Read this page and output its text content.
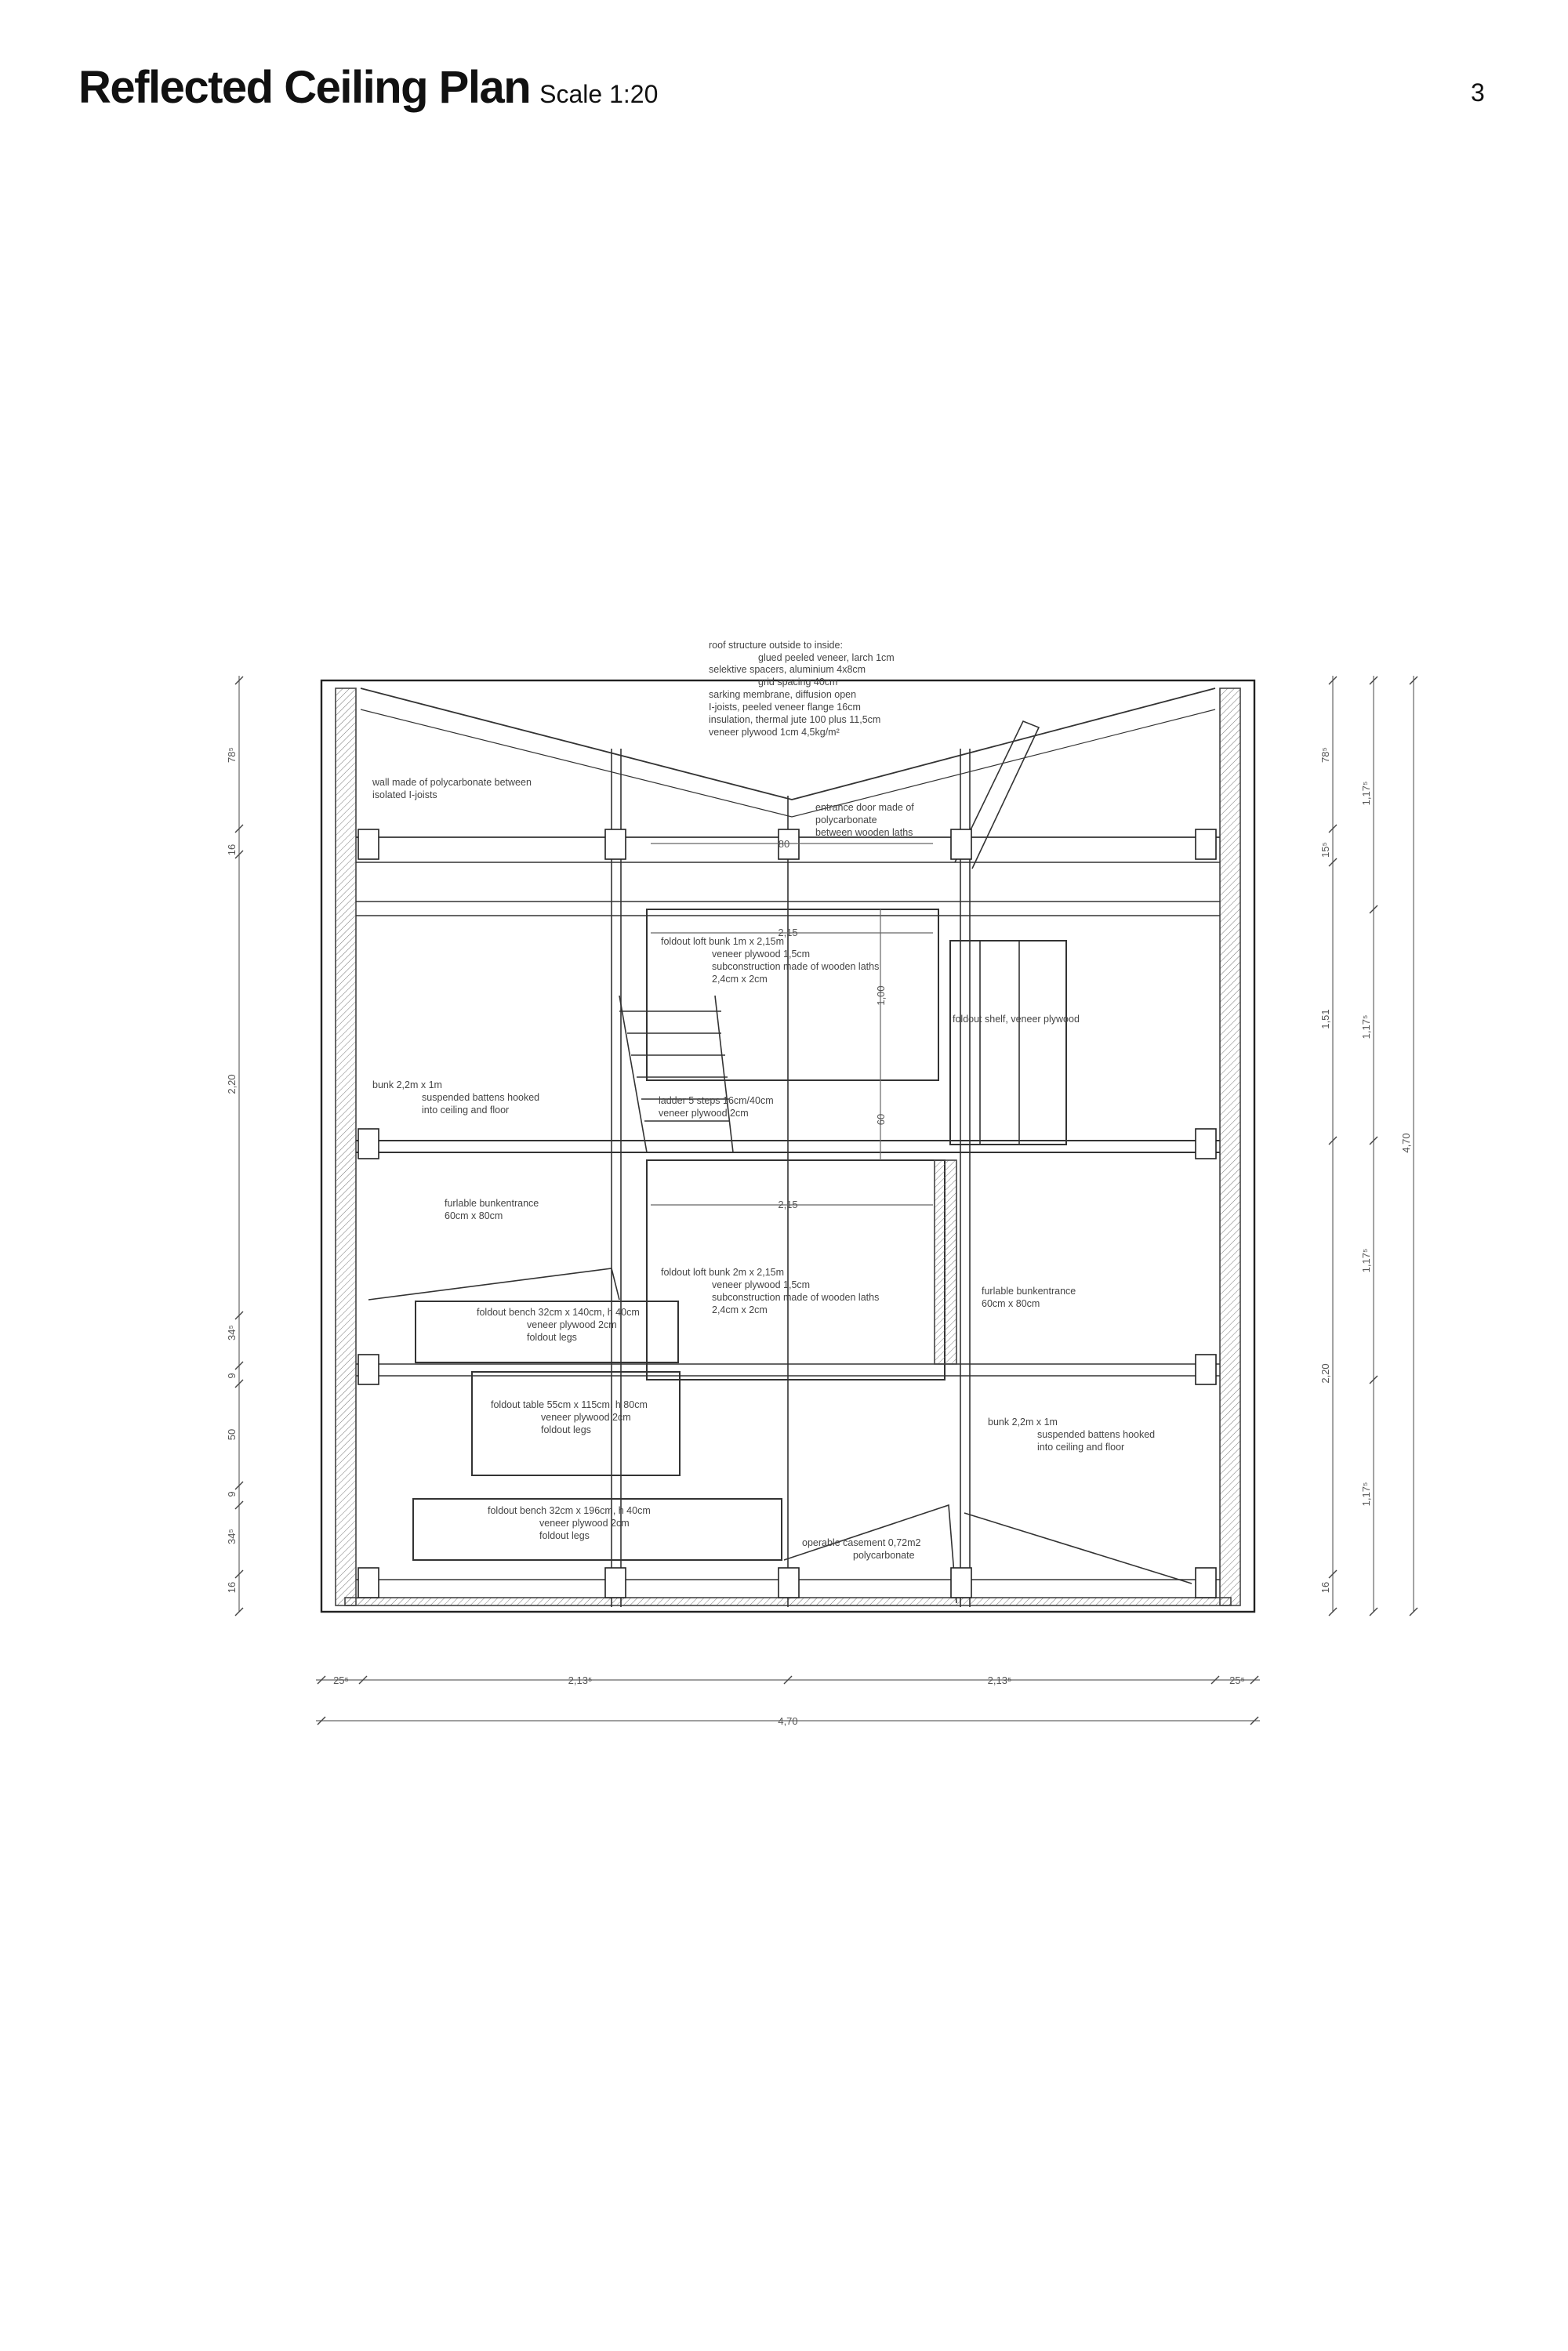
Reflected Ceiling Plan Scale 1:20	3
roof structure outside to inside:
glued peeled veneer, larch 1cm
selektive spacers, aluminium 4x8cm
grid spacing 40cm
sarking membrane, diffusion open
I-joists, peeled veneer flange 16cm
insulation, thermal jute 100 plus 11,5cm
veneer plywood 1cm 4,5kg/m²
wall made of polycarbonate between
isolated I-joists
entrance door made of
polycarbonate
between wooden laths
foldout loft bunk 1m x 2,15m
veneer plywood 1,5cm
subconstruction made of wooden laths
2,4cm x 2cm
foldout shelf, veneer plywood
bunk 2,2m x 1m
suspended battens hooked
into ceiling and floor
ladder 5 steps 16cm/40cm
veneer plywood 2cm
furlable bunkentrance
60cm x 80cm
foldout loft bunk 2m x 2,15m
veneer plywood 1,5cm
subconstruction made of wooden laths
2,4cm x 2cm
furlable bunkentrance
60cm x 80cm
foldout bench 32cm x 140cm, h 40cm
veneer plywood 2cm
foldout legs
foldout table 55cm x 115cm, h 80cm
veneer plywood 2cm
foldout legs
bunk 2,2m x 1m
suspended battens hooked
into ceiling and floor
foldout bench 32cm x 196cm, h 40cm
veneer plywood 2cm
foldout legs
operable casement 0,72m2
polycarbonate
80
2,15
1,00
60
2,15
78⁵
16
2,20
34⁵
9
50
9
34⁵
16
78⁵
15⁵
1,51
2,20
16
1,17⁵
1,17⁵
1,17⁵
1,17⁵
4,70
25⁵	2,13⁵	2,13⁵	25⁵
4,70
